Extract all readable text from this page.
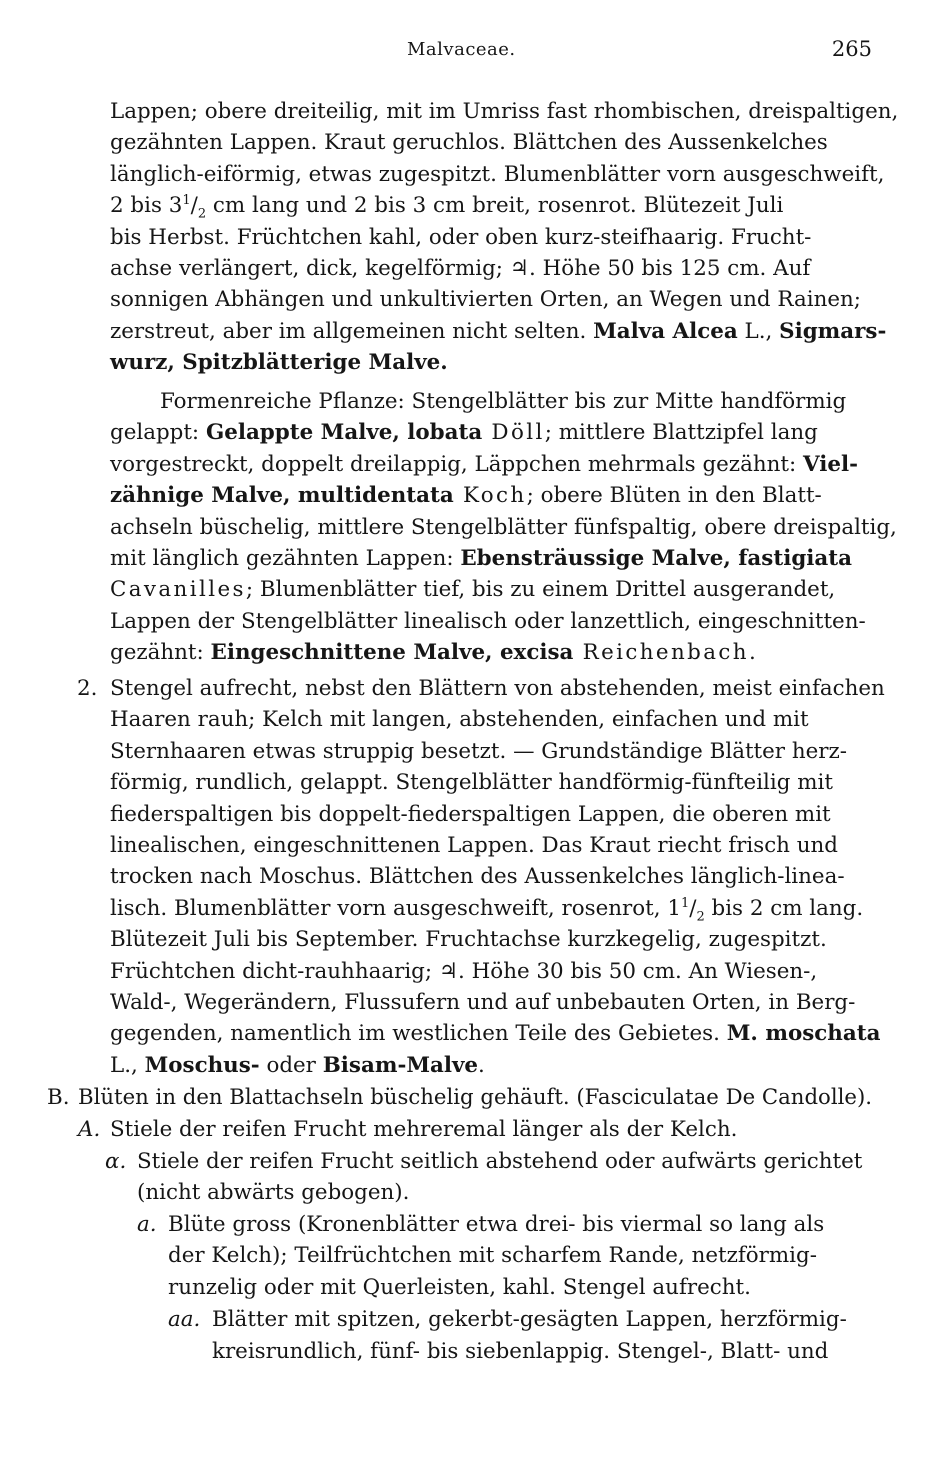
Malvaceae.	265
Lappen; obere dreiteilig, mit im Umriss fast rhombischen, dreispaltigen,
gezähnten Lappen. Kraut geruchlos. Blättchen des Aussenkelches
länglich-eiförmig, etwas zugespitzt. Blumenblätter vorn ausgeschweift,
2 bis $3^1/_2$ cm lang und 2 bis 3 cm breit, rosenrot. Blütezeit Juli
bis Herbst. Früchtchen kahl, oder oben kurz-steifhaarig. Frucht-
achse verlängert, dick, kegelförmig; ♃. Höhe 50 bis 125 cm. Auf
sonnigen Abhängen und unkultivierten Orten, an Wegen und Rainen;
zerstreut, aber im allgemeinen nicht selten. Malva Alcea L., Sigmars-
wurz, Spitzblätterige Malve.
Formenreiche Pflanze: Stengelblätter bis zur Mitte handförmig
gelappt: Gelappte Malve, lobata Döll; mittlere Blattzipfel lang
vorgestreckt, doppelt dreilappig, Läppchen mehrmals gezähnt: Viel-
zähnige Malve, multidentata Koch; obere Blüten in den Blatt-
achseln büschelig, mittlere Stengelblätter fünfspaltig, obere dreispaltig,
mit länglich gezähnten Lappen: Ebensträussige Malve, fastigiata
Cavanilles; Blumenblätter tief, bis zu einem Drittel ausgerandet,
Lappen der Stengelblätter linealisch oder lanzettlich, eingeschnitten-
gezähnt: Eingeschnittene Malve, excisa Reichenbach.
2. Stengel aufrecht, nebst den Blättern von abstehenden, meist einfachen
Haaren rauh; Kelch mit langen, abstehenden, einfachen und mit
Sternhaaren etwas struppig besetzt. — Grundständige Blätter herz-
förmig, rundlich, gelappt. Stengelblätter handförmig-fünfteilig mit
fiederspaltigen bis doppelt-fiederspaltigen Lappen, die oberen mit
linealischen, eingeschnittenen Lappen. Das Kraut riecht frisch und
trocken nach Moschus. Blättchen des Aussenkelches länglich-linea-
lisch. Blumenblätter vorn ausgeschweift, rosenrot, $1^1/_2$ bis 2 cm lang.
Blütezeit Juli bis September. Fruchtachse kurzkegelig, zugespitzt.
Früchtchen dicht-rauhhaarig; ♃. Höhe 30 bis 50 cm. An Wiesen-,
Wald-, Wegerändern, Flussufern und auf unbebauten Orten, in Berg-
gegenden, namentlich im westlichen Teile des Gebietes. M. moschata
L., Moschus- oder Bisam-Malve.
B. Blüten in den Blattachseln büschelig gehäuft. (Fasciculatae De Candolle).
A. Stiele der reifen Frucht mehreremal länger als der Kelch.
α. Stiele der reifen Frucht seitlich abstehend oder aufwärts gerichtet
(nicht abwärts gebogen).
a. Blüte gross (Kronenblätter etwa drei- bis viermal so lang als
der Kelch); Teilfrüchtchen mit scharfem Rande, netzförmig-
runzelig oder mit Querleisten, kahl. Stengel aufrecht.
aa. Blätter mit spitzen, gekerbt-gesägten Lappen, herzförmig-
kreisrundlich, fünf- bis siebenlappig. Stengel-, Blatt- und
